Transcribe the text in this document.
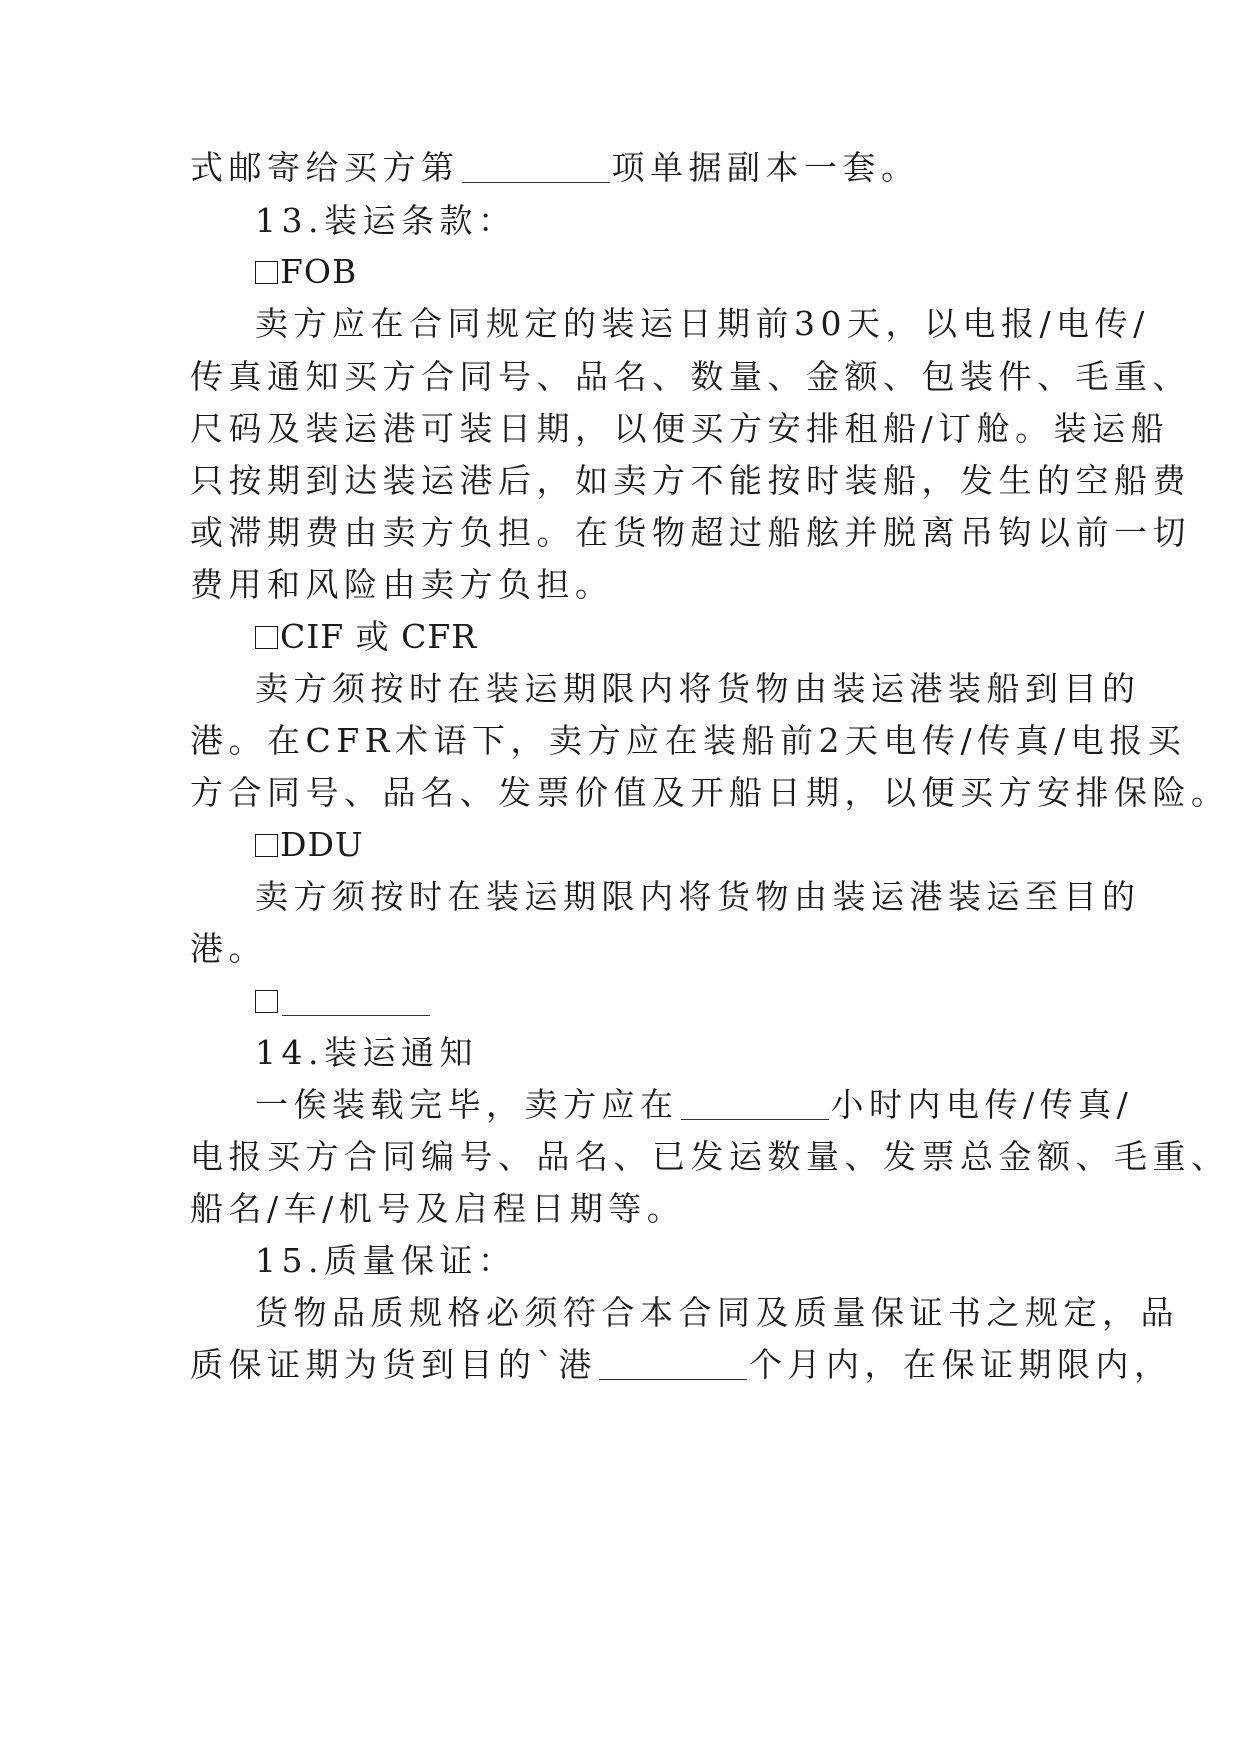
式邮寄给买方第	项单据副本一套。
13.装运条款：
FOB
卖方应在合同规定的装运日期前30天，以电报/电传/
传真通知买方合同号、品名、数量、金额、包装件、毛重、
尺码及装运港可装日期，以便买方安排租船/订舱。装运船
只按期到达装运港后，如卖方不能按时装船，发生的空船费
或滞期费由卖方负担。在货物超过船舷并脱离吊钩以前一切
费用和风险由卖方负担。
CIF 或 CFR
卖方须按时在装运期限内将货物由装运港装船到目的
港。在CFR术语下，卖方应在装船前2天电传/传真/电报买
方合同号、品名、发票价值及开船日期，以便买方安排保险。
DDU
卖方须按时在装运期限内将货物由装运港装运至目的
港。
14.装运通知
一俟装载完毕，卖方应在	小时内电传/传真/
电报买方合同编号、品名、已发运数量、发票总金额、毛重、
船名/车/机号及启程日期等。
15.质量保证：
货物品质规格必须符合本合同及质量保证书之规定，品
质保证期为货到目的`港	个月内，在保证期限内，
